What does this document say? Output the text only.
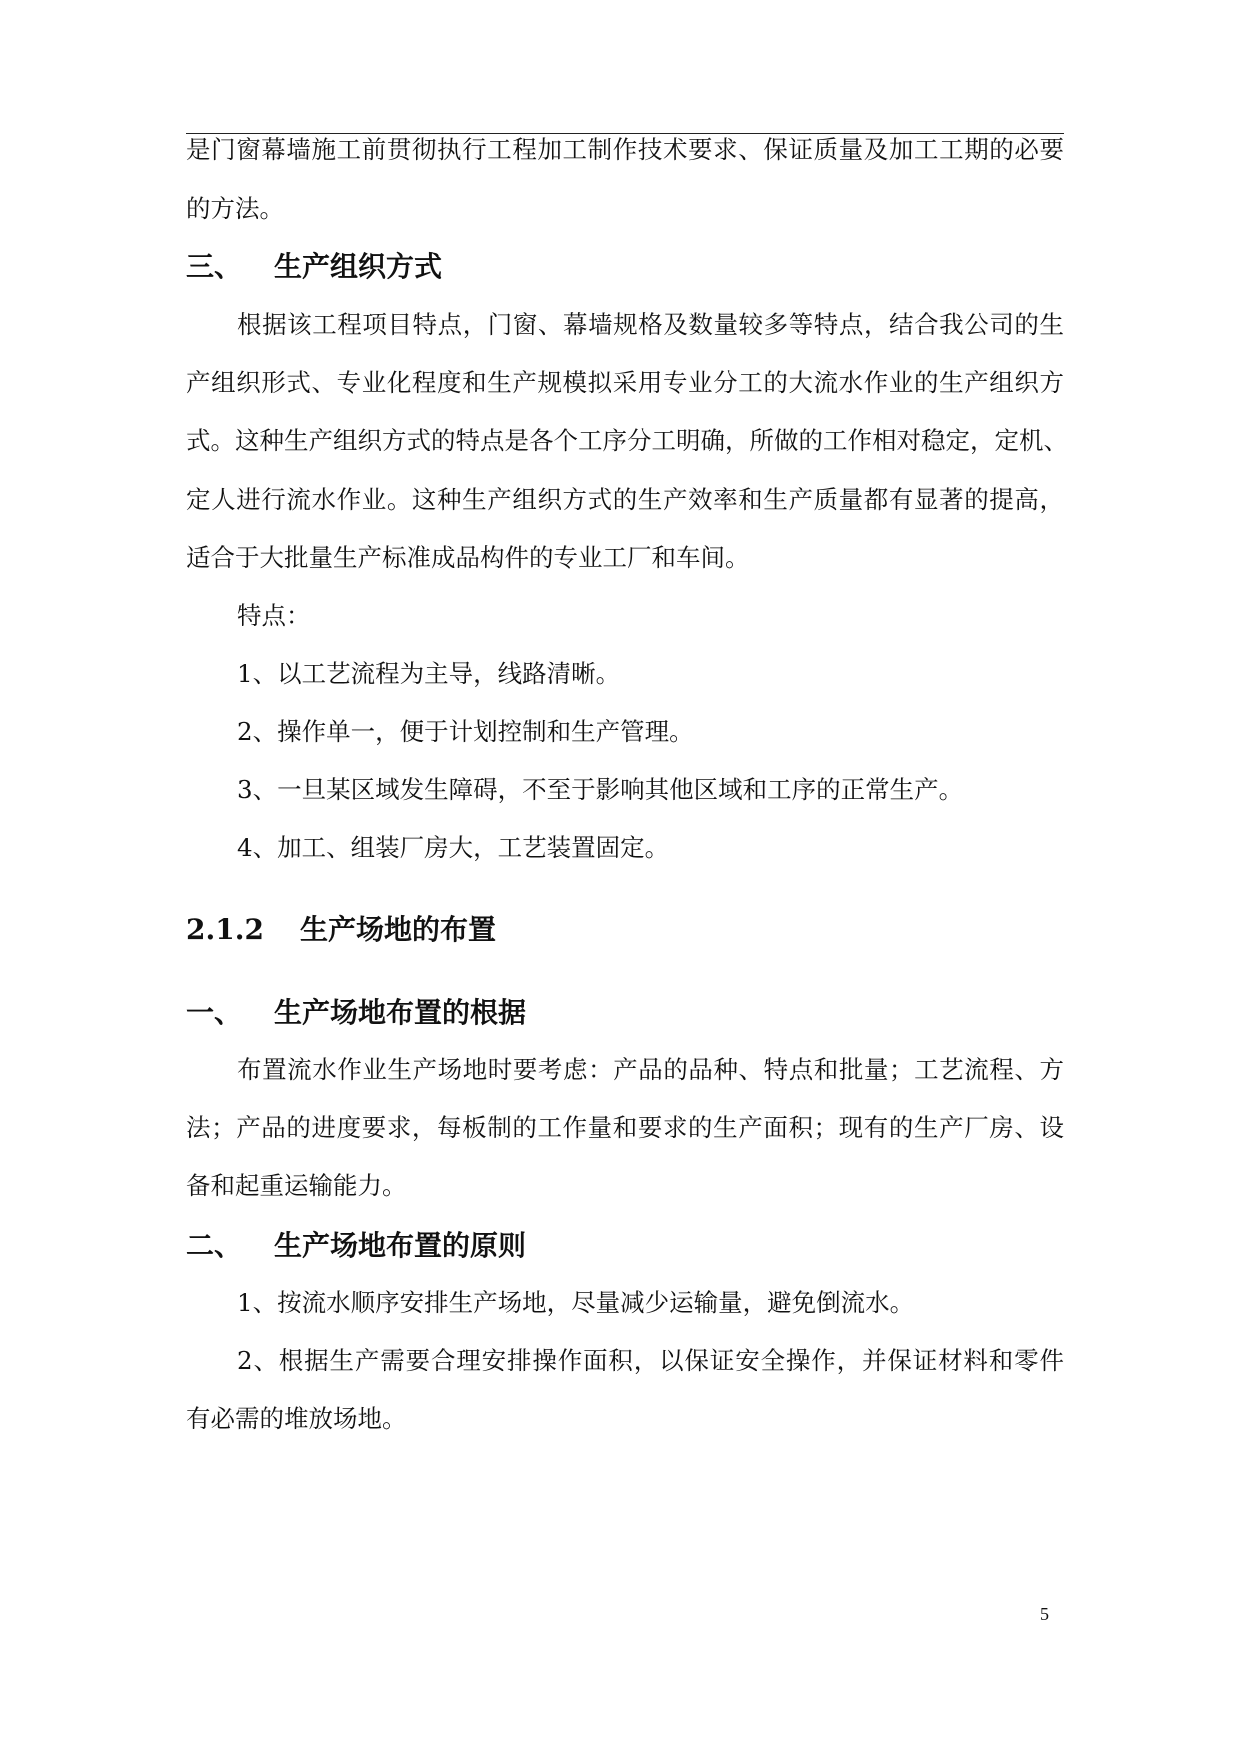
是门窗幕墙施工前贯彻执行工程加工制作技术要求、保证质量及加工工期的必要
的方法。
三、 生产组织方式
根据该工程项目特点，门窗、幕墙规格及数量较多等特点，结合我公司的生
产组织形式、专业化程度和生产规模拟采用专业分工的大流水作业的生产组织方
式。这种生产组织方式的特点是各个工序分工明确，所做的工作相对稳定，定机、
定人进行流水作业。这种生产组织方式的生产效率和生产质量都有显著的提高，
适合于大批量生产标准成品构件的专业工厂和车间。
特点：
1、以工艺流程为主导，线路清晰。
2、操作单一，便于计划控制和生产管理。
3、一旦某区域发生障碍，不至于影响其他区域和工序的正常生产。
4、加工、组装厂房大，工艺装置固定。
2.1.2 生产场地的布置
一、 生产场地布置的根据
布置流水作业生产场地时要考虑：产品的品种、特点和批量；工艺流程、方
法；产品的进度要求，每板制的工作量和要求的生产面积；现有的生产厂房、设
备和起重运输能力。
二、 生产场地布置的原则
1、按流水顺序安排生产场地，尽量减少运输量，避免倒流水。
2、根据生产需要合理安排操作面积，以保证安全操作，并保证材料和零件
有必需的堆放场地。
5
